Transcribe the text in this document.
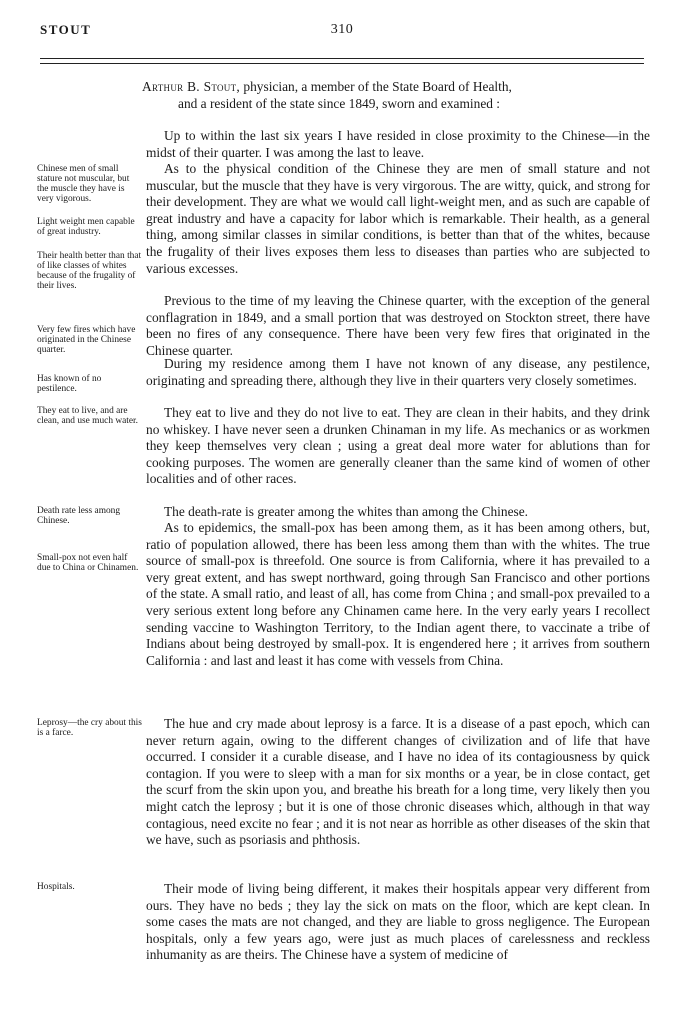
STOUT	310
Arthur B. Stout, physician, a member of the State Board of Health,
and a resident of the state since 1849, sworn and examined :

Up to within the last six years I have resided in close proximity to the Chinese—in the midst of their quarter. I was among the last to leave.

As to the physical condition of the Chinese they are men of small stature and not muscular, but the muscle that they have is very virgorous. The are witty, quick, and strong for their development. They are what we would call light-weight men, and as such are capable of great industry and have a capacity for labor which is remarkable. Their health, as a general thing, among similar classes in similar conditions, is better than that of the whites, because the frugality of their lives exposes them less to diseases than parties who are subjected to various excesses.

Previous to the time of my leaving the Chinese quarter, with the exception of the general conflagration in 1849, and a small portion that was destroyed on Stockton street, there have been no fires of any consequence. There have been very few fires that originated in the Chinese quarter.

During my residence among them I have not known of any disease, any pestilence, originating and spreading there, although they live in their quarters very closely sometimes.

They eat to live and they do not live to eat. They are clean in their habits, and they drink no whiskey. I have never seen a drunken Chinaman in my life. As mechanics or as workmen they keep themselves very clean ; using a great deal more water for ablutions than for cooking purposes. The women are generally cleaner than the same kind of women of other localities and of other races.

The death-rate is greater among the whites than among the Chinese.

As to epidemics, the small-pox has been among them, as it has been among others, but, ratio of population allowed, there has been less among them than with the whites. The true source of small-pox is threefold. One source is from California, where it has prevailed to a very great extent, and has swept northward, going through San Francisco and other portions of the state. A small ratio, and least of all, has come from China ; and small-pox prevailed to a very serious extent long before any Chinamen came here. In the very early years I recollect sending vaccine to Washington Territory, to the Indian agent there, to vaccinate a tribe of Indians about being destroyed by small-pox. It is engendered here ; it arrives from southern California : and last and least it has come with vessels from China.

The hue and cry made about leprosy is a farce. It is a disease of a past epoch, which can never return again, owing to the different changes of civilization and of life that have occurred. I consider it a curable disease, and I have no idea of its contagiousness by quick contagion. If you were to sleep with a man for six months or a year, be in close contact, get the scurf from the skin upon you, and breathe his breath for a long time, very likely then you might catch the leprosy ; but it is one of those chronic diseases which, although in that way contagious, need excite no fear ; and it is not near as horrible as other diseases of the skin that we have, such as psoriasis and phthosis.

Their mode of living being different, it makes their hospitals appear very different from ours. They have no beds ; they lay the sick on mats on the floor, which are kept clean. In some cases the mats are not changed, and they are liable to gross negligence. The European hospitals, only a few years ago, were just as much places of carelessness and reckless inhumanity as are theirs. The Chinese have a system of medicine of

Chinese men of small stature not muscular, but the muscle they have is very vigorous.
Light weight men capable of great industry.
Their health better than that of like classes of whites because of the frugality of their lives.
Very few fires which have originated in the Chinese quarter.
Has known of no pestilence.
They eat to live, and are clean, and use much water.
Death rate less among Chinese.
Small-pox not even half due to China or Chinamen.
Leprosy—the cry about this is a farce.
Hospitals.
